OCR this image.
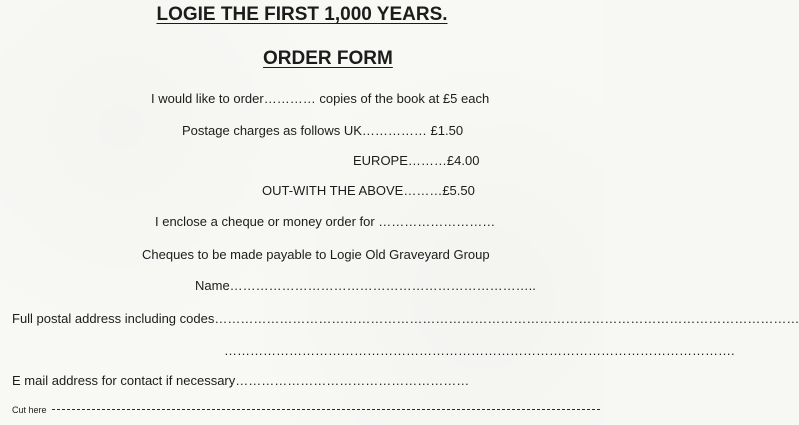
LOGIE THE FIRST 1,000 YEARS.
ORDER FORM
I would like to order………… copies of the book at £5 each
Postage charges as follows UK…………… £1.50
EUROPE………£4.00
OUT-WITH THE ABOVE………£5.50
I enclose a cheque or money order for ………………………
Cheques to be made payable to Logie Old Graveyard Group
Name……………………………………………………………..
Full postal address including codes………………………………………………………………………………………………………………………
……………………………………………………………………………………………………….
E mail address for contact if necessary………………………………………………
Cut here
